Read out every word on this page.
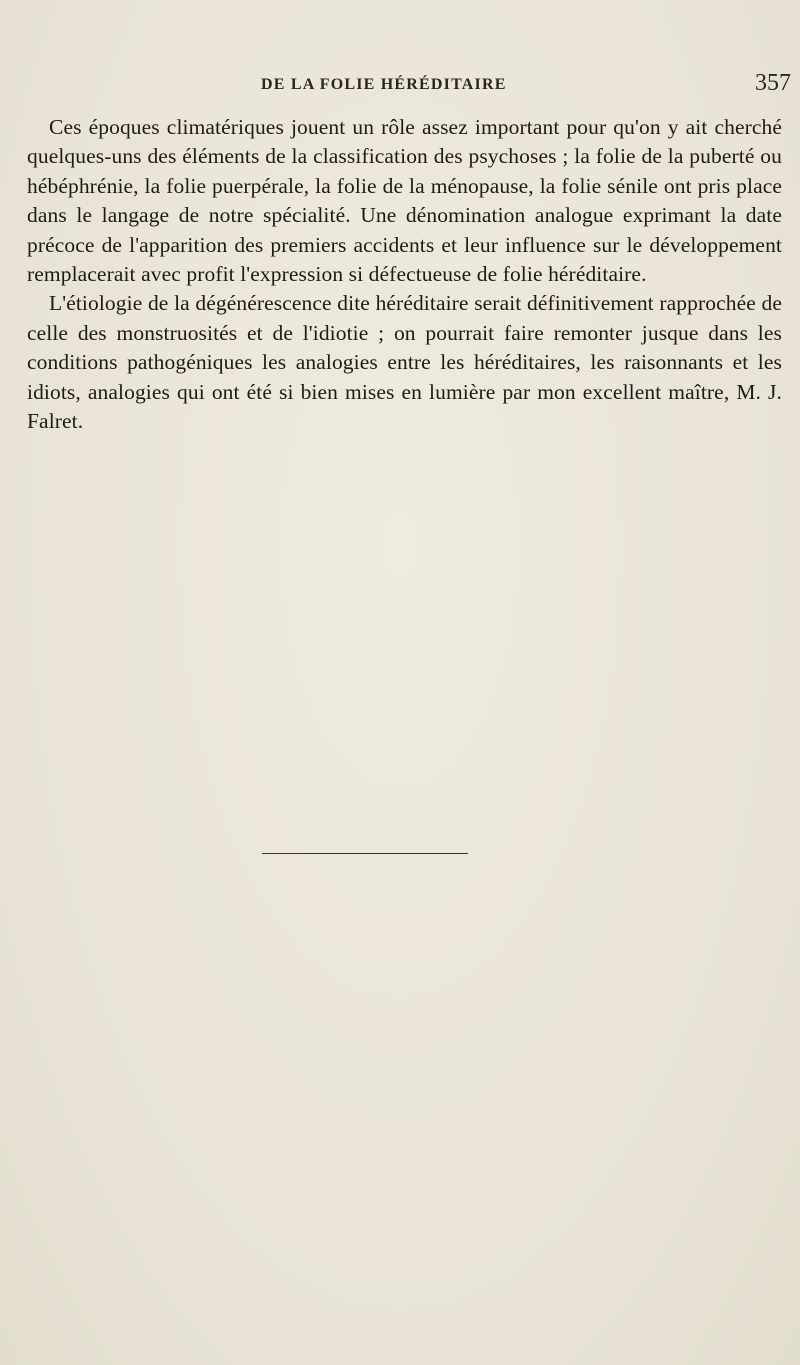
DE LA FOLIE HÉRÉDITAIRE	357

Ces époques climatériques jouent un rôle assez important pour qu'on y ait cherché quelques-uns des éléments de la classification des psychoses ; la folie de la puberté ou hébéphrénie, la folie puerpérale, la folie de la ménopause, la folie sénile ont pris place dans le langage de notre spécialité. Une dénomination analogue exprimant la date précoce de l'apparition des premiers accidents et leur influence sur le développement remplacerait avec profit l'expression si défectueuse de folie héréditaire.

L'étiologie de la dégénérescence dite héréditaire serait définitivement rapprochée de celle des monstruosités et de l'idiotie ; on pourrait faire remonter jusque dans les conditions pathogéniques les analogies entre les héréditaires, les raisonnants et les idiots, analogies qui ont été si bien mises en lumière par mon excellent maître, M. J. Falret.
